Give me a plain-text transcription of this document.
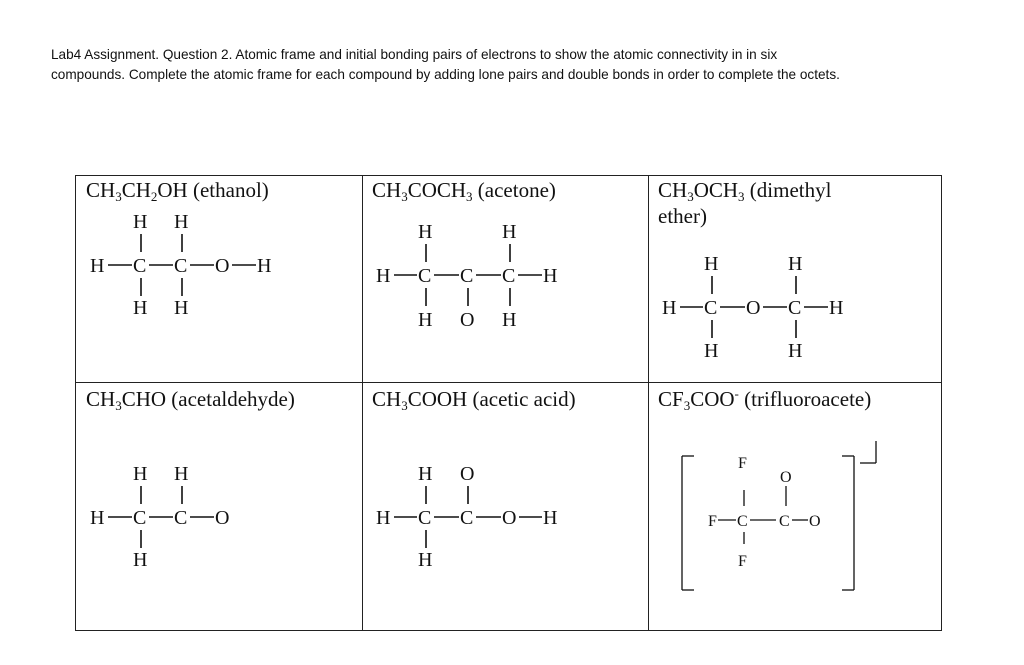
Lab4 Assignment. Question 2. Atomic frame and initial bonding pairs of electrons to show the atomic connectivity in in six
compounds. Complete the atomic frame for each compound by adding lone pairs and double bonds in order to complete the octets.
$CH_3CH_2OH$ (ethanol)
H H
H C C O H
H H
$CH_3COCH_3$ (acetone)
H	H
H C C C H
H O H
$CH_3OCH_3$ (dimethyl
ether)
H	H
H C O C H
H	H
$CH_3CHO$ (acetaldehyde)
H H
H C C O
H
$CH_3COOH$ (acetic acid)
H O
H C C O H
H
$CF_3COO^-$ (trifluoroacete)
F
O
F C C O
F
